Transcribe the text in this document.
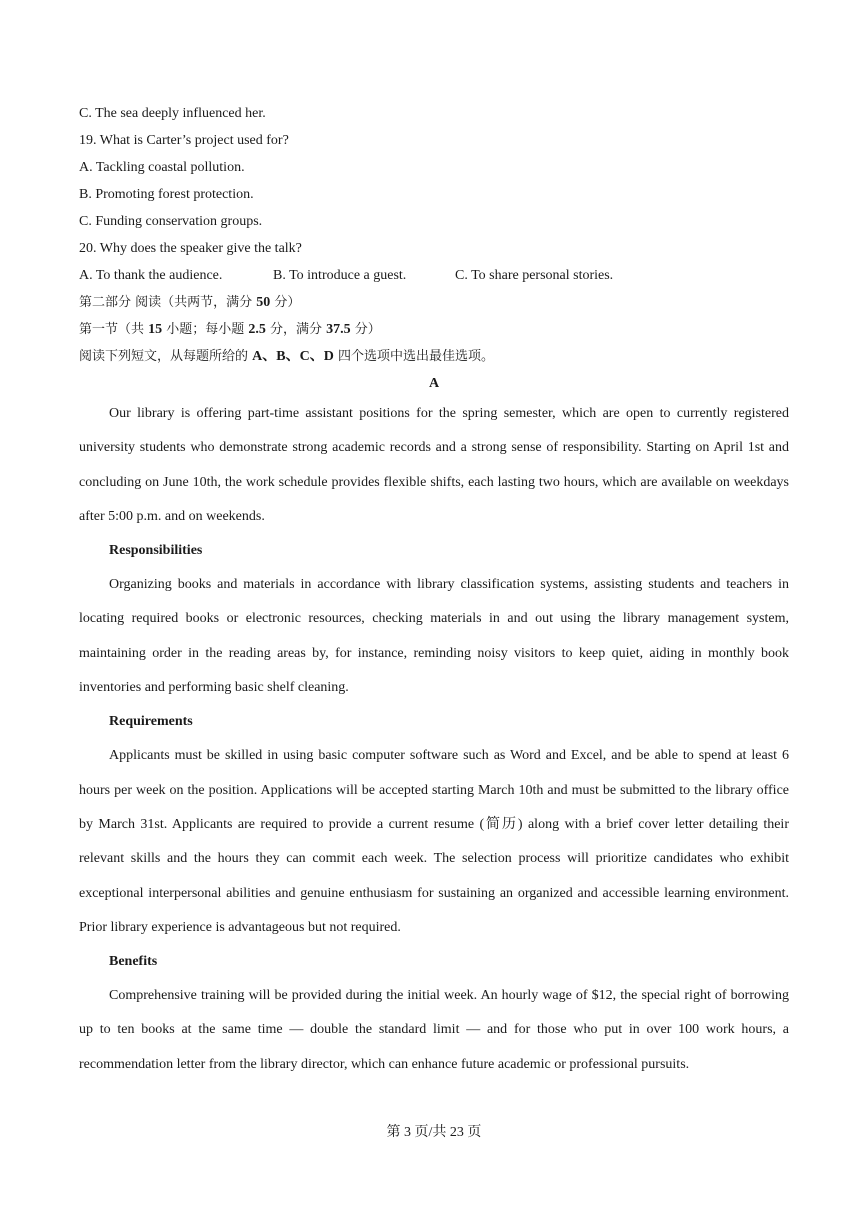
C. The sea deeply influenced her.
19. What is Carter’s project used for?
A. Tackling coastal pollution.
B. Promoting forest protection.
C. Funding conservation groups.
20. Why does the speaker give the talk?
A. To thank the audience.	B. To introduce a guest.	C. To share personal stories.
第二部分 阅读（共两节，满分 50 分）
第一节（共 15 小题；每小题 2.5 分，满分 37.5 分）
阅读下列短文，从每题所给的 A、B、C、D 四个选项中选出最佳选项。
A

Our library is offering part-time assistant positions for the spring semester, which are open to currently registered university students who demonstrate strong academic records and a strong sense of responsibility. Starting on April 1st and concluding on June 10th, the work schedule provides flexible shifts, each lasting two hours, which are available on weekdays after 5:00 p.m. and on weekends.

Responsibilities

Organizing books and materials in accordance with library classification systems, assisting students and teachers in locating required books or electronic resources, checking materials in and out using the library management system, maintaining order in the reading areas by, for instance, reminding noisy visitors to keep quiet, aiding in monthly book inventories and performing basic shelf cleaning.

Requirements

Applicants must be skilled in using basic computer software such as Word and Excel, and be able to spend at least 6 hours per week on the position. Applications will be accepted starting March 10th and must be submitted to the library office by March 31st. Applicants are required to provide a current resume (简历) along with a brief cover letter detailing their relevant skills and the hours they can commit each week. The selection process will prioritize candidates who exhibit exceptional interpersonal abilities and genuine enthusiasm for sustaining an organized and accessible learning environment. Prior library experience is advantageous but not required.

Benefits

Comprehensive training will be provided during the initial week. An hourly wage of $12, the special right of borrowing up to ten books at the same time — double the standard limit — and for those who put in over 100 work hours, a recommendation letter from the library director, which can enhance future academic or professional pursuits.

第 3 页/共 23 页
